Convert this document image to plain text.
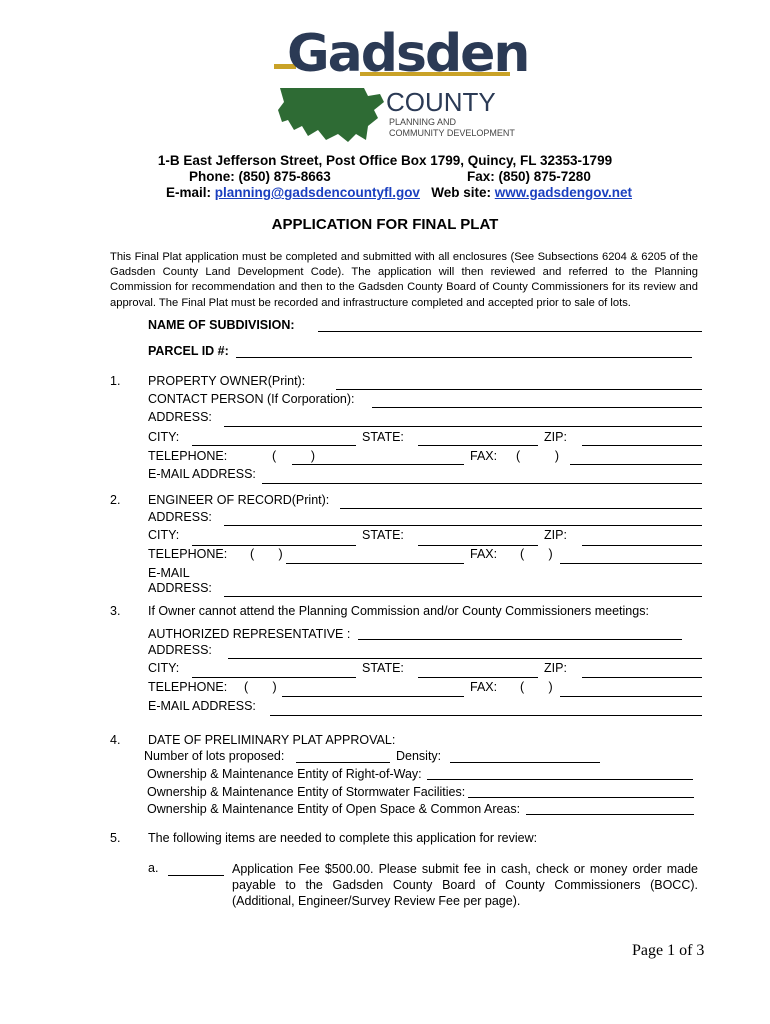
Gadsden
COUNTY
PLANNING AND
COMMUNITY DEVELOPMENT
1-B East Jefferson Street, Post Office Box 1799, Quincy, FL 32353-1799
Phone: (850) 875-8663	Fax: (850) 875-7280
E-mail: planning@gadsdencountyfl.gov Web site: www.gadsdengov.net
APPLICATION FOR FINAL PLAT
This Final Plat application must be completed and submitted with all enclosures (See Subsections 6204 & 6205 of the Gadsden County Land Development Code). The application will then reviewed and referred to the Planning Commission for recommendation and then to the Gadsden County Board of County Commissioners for its review and approval. The Final Plat must be recorded and infrastructure completed and accepted prior to sale of lots.
NAME OF SUBDIVISION:
PARCEL ID #:
1. PROPERTY OWNER(Print):
CONTACT PERSON (If Corporation):
ADDRESS:
CITY:	STATE:	ZIP:
TELEPHONE:	(          )	FAX: (          )
E-MAIL ADDRESS:
2. ENGINEER OF RECORD(Print):
ADDRESS:
CITY:	STATE:	ZIP:
TELEPHONE: (       )	FAX: (       )
E-MAIL
ADDRESS:
3. If Owner cannot attend the Planning Commission and/or County Commissioners meetings:
AUTHORIZED REPRESENTATIVE :
ADDRESS:
CITY:	STATE:	ZIP:
TELEPHONE: (       )	FAX: (       )
E-MAIL ADDRESS:
4. DATE OF PRELIMINARY PLAT APPROVAL:
Number of lots proposed:	Density:
Ownership & Maintenance Entity of Right-of-Way:
Ownership & Maintenance Entity of Stormwater Facilities:
Ownership & Maintenance Entity of Open Space & Common Areas:
5. The following items are needed to complete this application for review:
a.	Application Fee $500.00. Please submit fee in cash, check or money order made payable to the Gadsden County Board of County Commissioners (BOCC). (Additional, Engineer/Survey Review Fee per page).
Page 1 of 3
